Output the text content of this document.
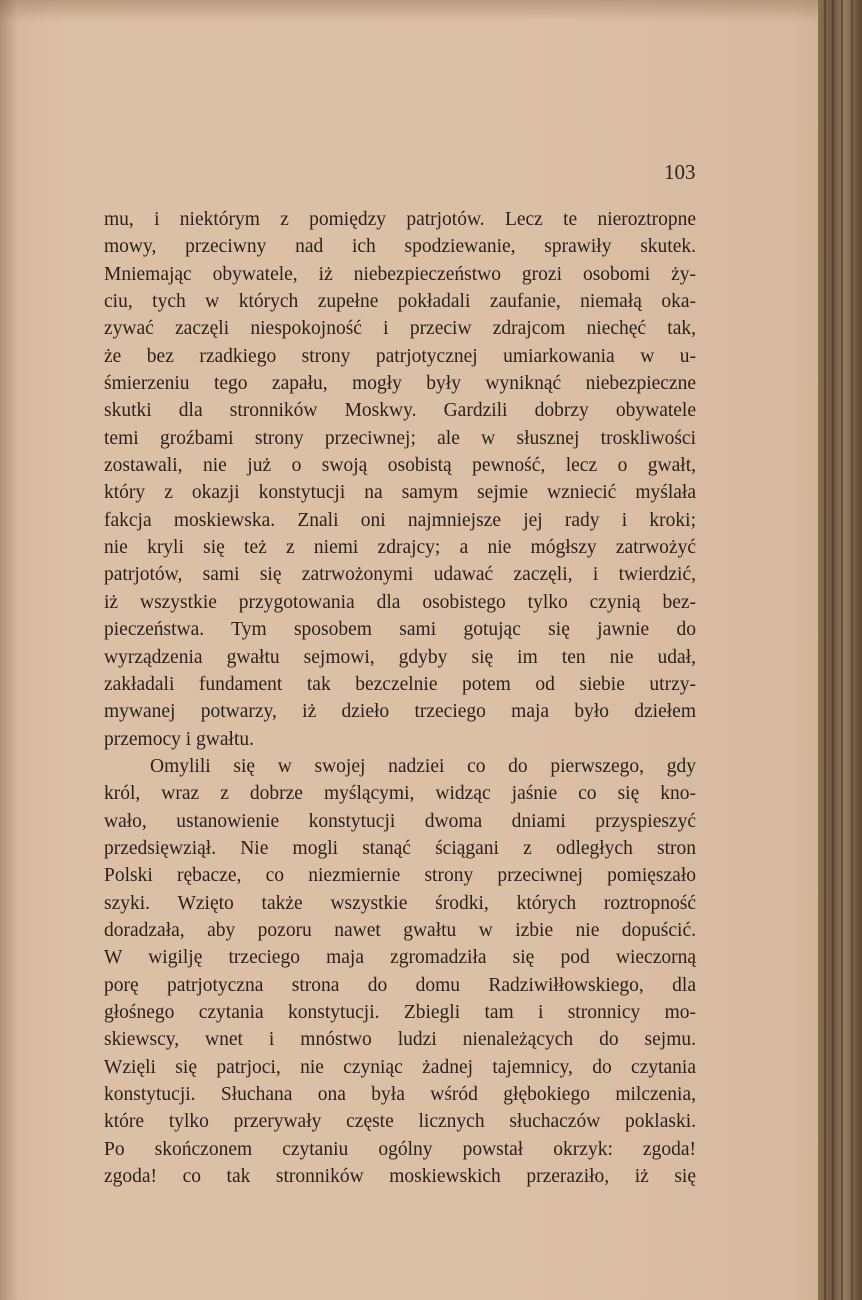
103
mu, i niektórym z pomiędzy patrjotów. Lecz te nieroztropne
mowy, przeciwny nad ich spodziewanie, sprawiły skutek.
Mniemając obywatele, iż niebezpieczeństwo grozi osobomi ży-
ciu, tych w których zupełne pokładali zaufanie, niemałą oka-
zywać zaczęli niespokojność i przeciw zdrajcom niechęć tak,
że bez rzadkiego strony patrjotycznej umiarkowania w u-
śmierzeniu tego zapału, mogły były wyniknąć niebezpieczne
skutki dla stronników Moskwy. Gardzili dobrzy obywatele
temi groźbami strony przeciwnej; ale w słusznej troskliwości
zostawali, nie już o swoją osobistą pewność, lecz o gwałt,
który z okazji konstytucji na samym sejmie wzniecić myślała
fakcja moskiewska. Znali oni najmniejsze jej rady i kroki;
nie kryli się też z niemi zdrajcy; a nie mógłszy zatrwożyć
patrjotów, sami się zatrwożonymi udawać zaczęli, i twierdzić,
iż wszystkie przygotowania dla osobistego tylko czynią bez-
pieczeństwa. Tym sposobem sami gotując się jawnie do
wyrządzenia gwałtu sejmowi, gdyby się im ten nie udał,
zakładali fundament tak bezczelnie potem od siebie utrzy-
mywanej potwarzy, iż dzieło trzeciego maja było dziełem
przemocy i gwałtu.
Omylili się w swojej nadziei co do pierwszego, gdy
król, wraz z dobrze myślącymi, widząc jaśnie co się kno-
wało, ustanowienie konstytucji dwoma dniami przyspieszyć
przedsięwziął. Nie mogli stanąć ściągani z odległych stron
Polski rębacze, co niezmiernie strony przeciwnej pomięszało
szyki. Wzięto także wszystkie środki, których roztropność
doradzała, aby pozoru nawet gwałtu w izbie nie dopuścić.
W wigilję trzeciego maja zgromadziła się pod wieczorną
porę patrjotyczna strona do domu Radziwiłłowskiego, dla
głośnego czytania konstytucji. Zbiegli tam i stronnicy mo-
skiewscy, wnet i mnóstwo ludzi nienależących do sejmu.
Wzięli się patrjoci, nie czyniąc żadnej tajemnicy, do czytania
konstytucji. Słuchana ona była wśród głębokiego milczenia,
które tylko przerywały częste licznych słuchaczów poklaski.
Po skończonem czytaniu ogólny powstał okrzyk: zgoda!
zgoda! co tak stronników moskiewskich przeraziło, iż się
